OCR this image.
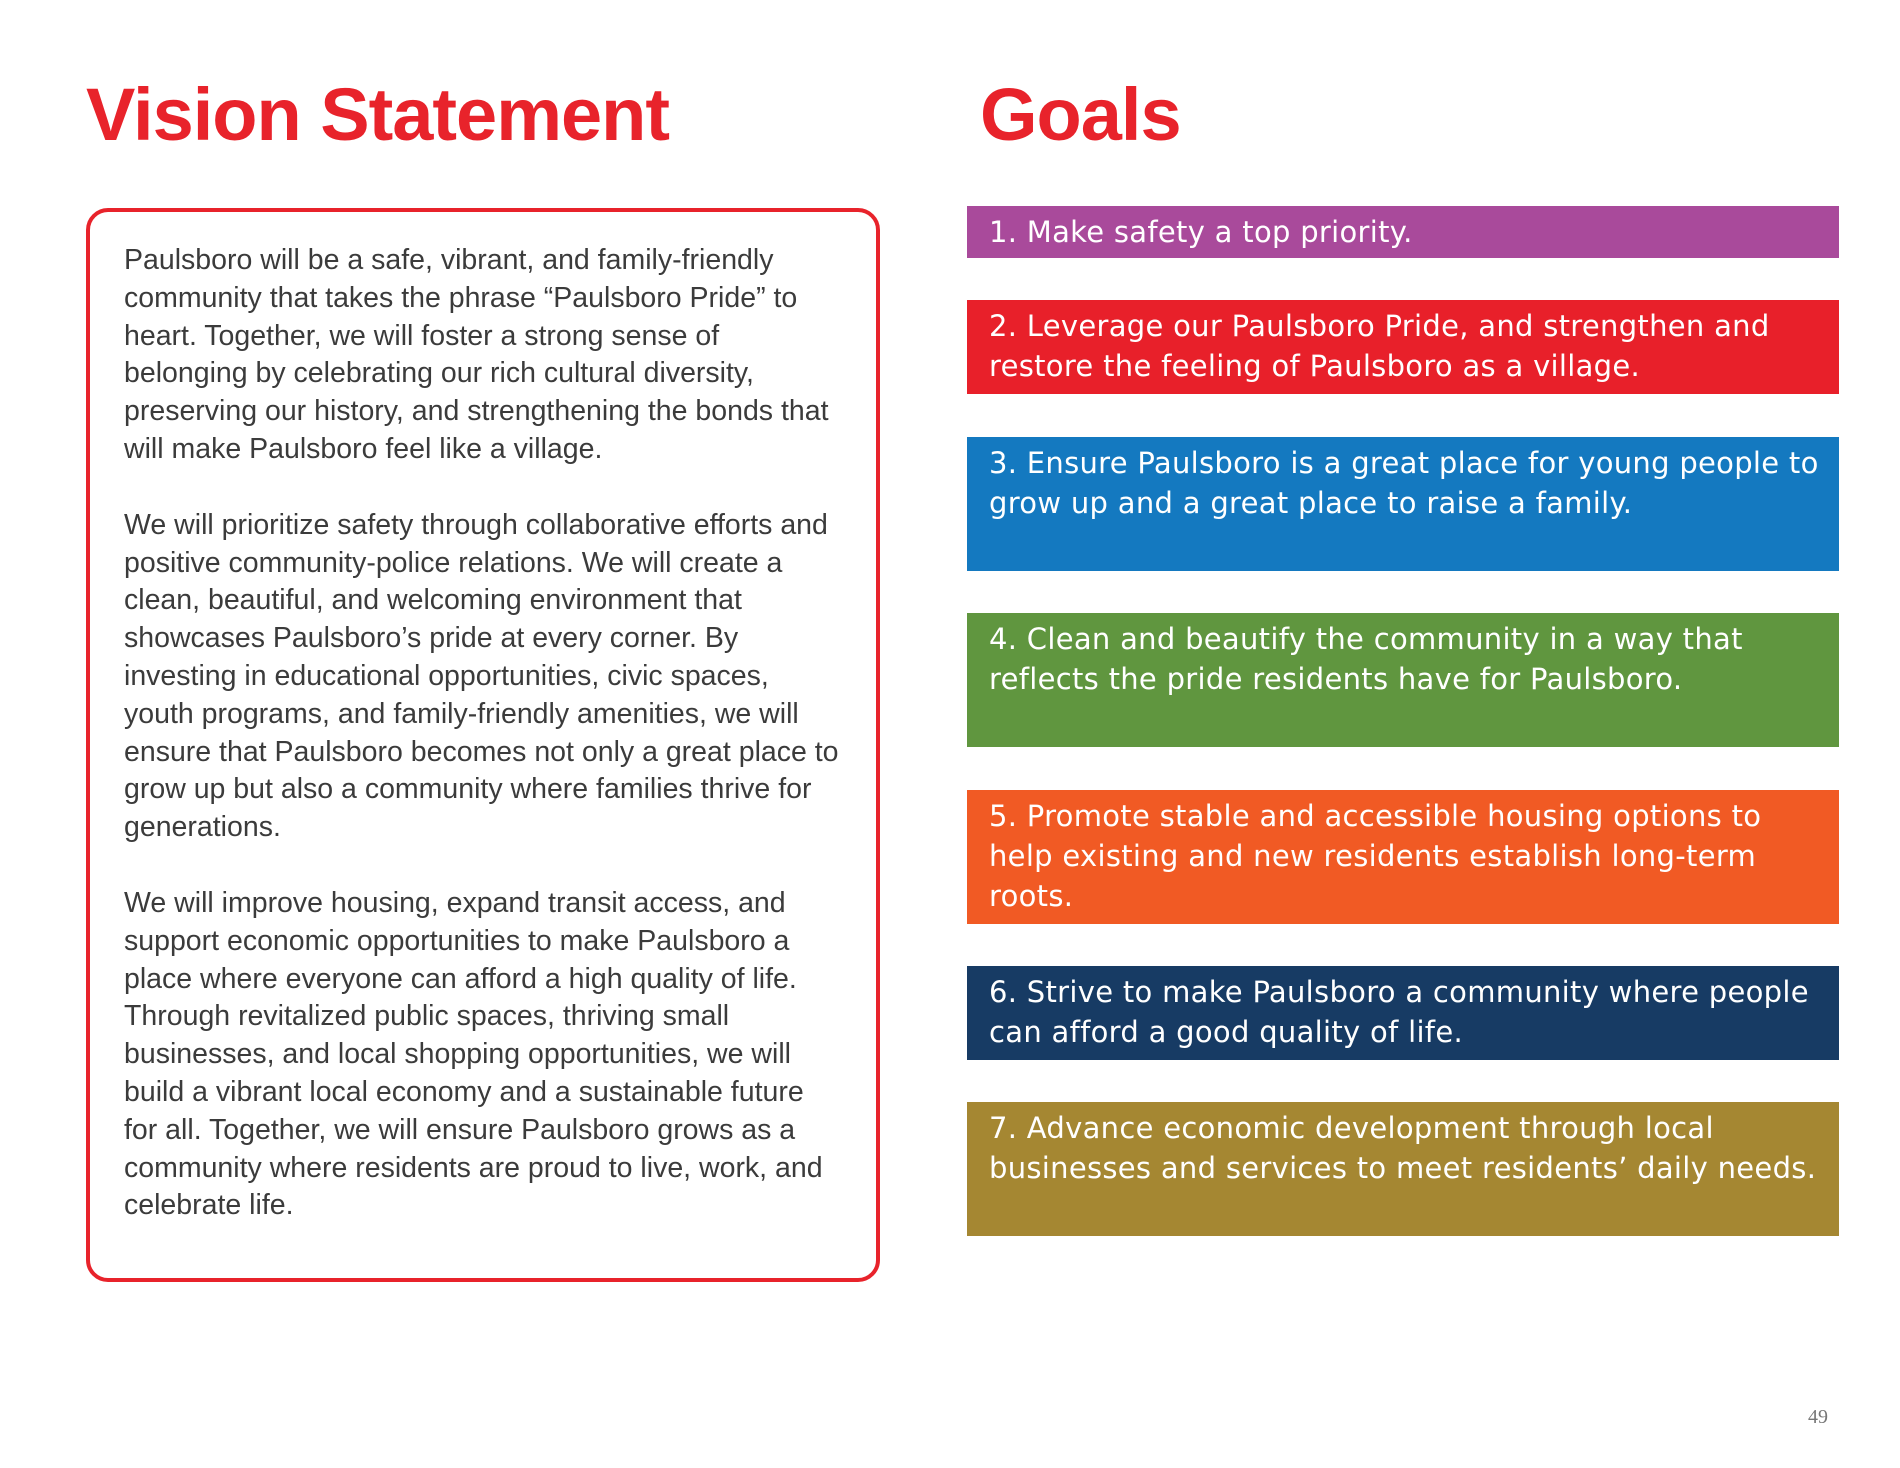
Vision Statement	Goals

Paulsboro will be a safe, vibrant, and family-friendly community that takes the phrase “Paulsboro Pride” to heart. Together, we will foster a strong sense of belonging by celebrating our rich cultural diversity, preserving our history, and strengthening the bonds that will make Paulsboro feel like a village.

We will prioritize safety through collaborative efforts and positive community-police relations. We will create a clean, beautiful, and welcoming environment that showcases Paulsboro’s pride at every corner. By investing in educational opportunities, civic spaces, youth programs, and family-friendly amenities, we will ensure that Paulsboro becomes not only a great place to grow up but also a community where families thrive for generations.

We will improve housing, expand transit access, and support economic opportunities to make Paulsboro a place where everyone can afford a high quality of life. Through revitalized public spaces, thriving small businesses, and local shopping opportunities, we will build a vibrant local economy and a sustainable future for all. Together, we will ensure Paulsboro grows as a community where residents are proud to live, work, and celebrate life.

1. Make safety a top priority.
2. Leverage our Paulsboro Pride, and strengthen and restore the feeling of Paulsboro as a village.
3. Ensure Paulsboro is a great place for young people to grow up and a great place to raise a family.
4. Clean and beautify the community in a way that reflects the pride residents have for Paulsboro.
5. Promote stable and accessible housing options to help existing and new residents establish long-term roots.
6. Strive to make Paulsboro a community where people can afford a good quality of life.
7. Advance economic development through local businesses and services to meet residents’ daily needs.
49
